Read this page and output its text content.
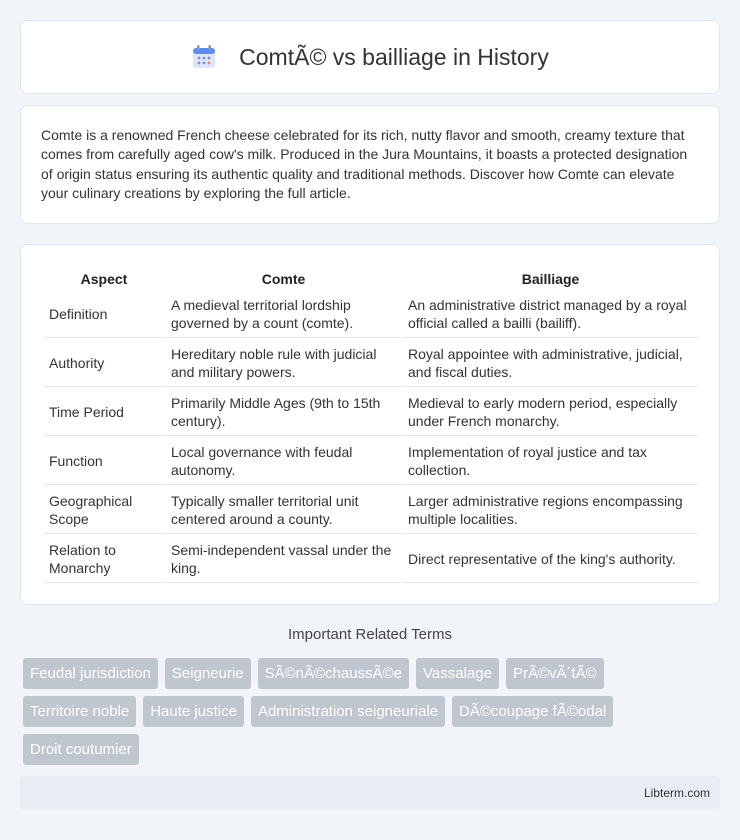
ComtÃ© vs bailliage in History

Comte is a renowned French cheese celebrated for its rich, nutty flavor and smooth, creamy texture that comes from carefully aged cow's milk. Produced in the Jura Mountains, it boasts a protected designation of origin status ensuring its authentic quality and traditional methods. Discover how Comte can elevate your culinary creations by exploring the full article.

Aspect	Comte	Bailliage
Definition	A medieval territorial lordship governed by a count (comte).	An administrative district managed by a royal official called a bailli (bailiff).
Authority	Hereditary noble rule with judicial and military powers.	Royal appointee with administrative, judicial, and fiscal duties.
Time Period	Primarily Middle Ages (9th to 15th century).	Medieval to early modern period, especially under French monarchy.
Function	Local governance with feudal autonomy.	Implementation of royal justice and tax collection.
Geographical Scope	Typically smaller territorial unit centered around a county.	Larger administrative regions encompassing multiple localities.
Relation to Monarchy	Semi-independent vassal under the king.	Direct representative of the king's authority.
Important Related Terms
Feudal jurisdiction	Seigneurie	SÃ©nÃ©chaussÃ©e	Vassalage	PrÃ©vÃ´tÃ©
Territoire noble	Haute justice	Administration seigneuriale	DÃ©coupage fÃ©odal
Droit coutumier
Libterm.com
